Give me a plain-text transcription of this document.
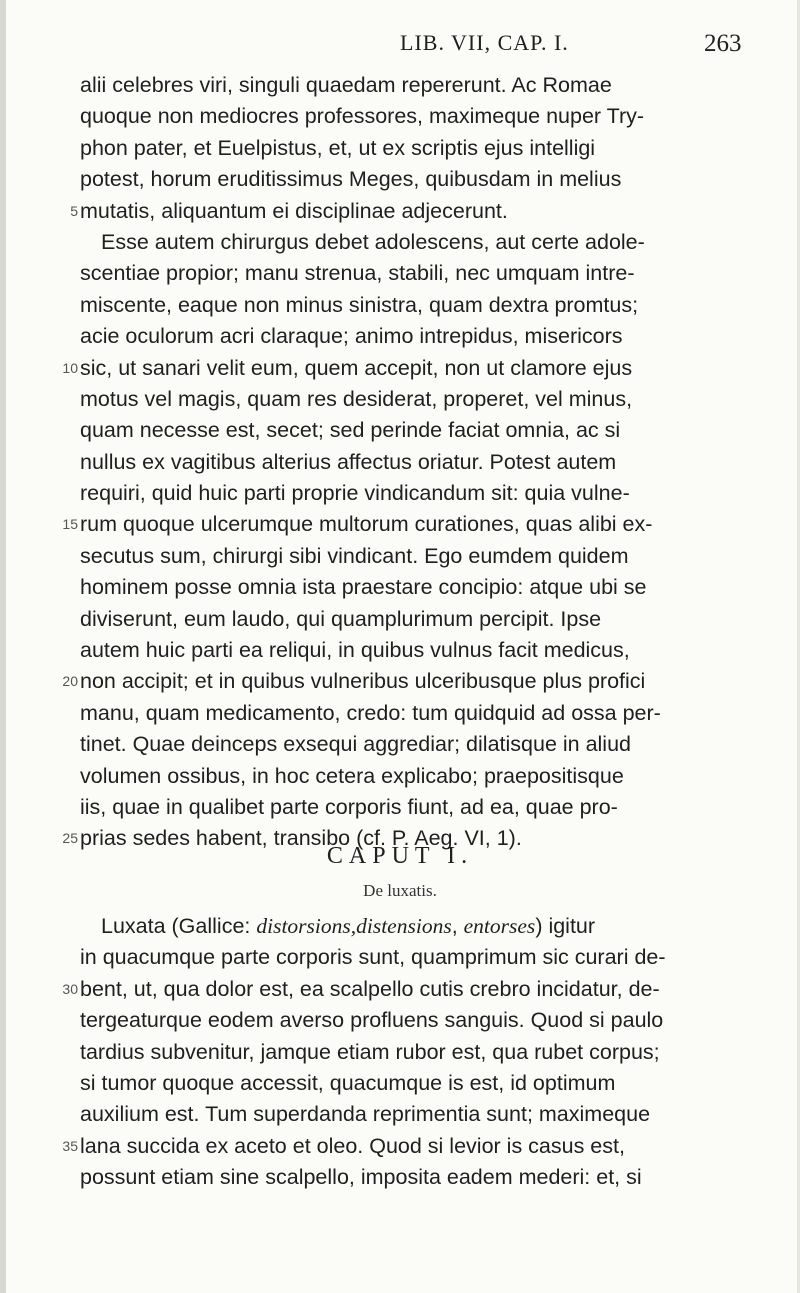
LIB. VII, CAP. I.	263
alii celebres viri, singuli quaedam repererunt. Ac Romae
quoque non mediocres professores, maximeque nuper Try-
phon pater, et Euelpistus, et, ut ex scriptis ejus intelligi
potest, horum eruditissimus Meges, quibusdam in melius
5 mutatis, aliquantum ei disciplinae adjecerunt.
Esse autem chirurgus debet adolescens, aut certe adole-
scentiae propior; manu strenua, stabili, nec umquam intre-
miscente, eaque non minus sinistra, quam dextra promtus;
acie oculorum acri claraque; animo intrepidus, misericors
10 sic, ut sanari velit eum, quem accepit, non ut clamore ejus
motus vel magis, quam res desiderat, properet, vel minus,
quam necesse est, secet; sed perinde faciat omnia, ac si
nullus ex vagitibus alterius affectus oriatur. Potest autem
requiri, quid huic parti proprie vindicandum sit: quia vulne-
15 rum quoque ulcerumque multorum curationes, quas alibi ex-
secutus sum, chirurgi sibi vindicant. Ego eumdem quidem
hominem posse omnia ista praestare concipio: atque ubi se
diviserunt, eum laudo, qui quamplurimum percipit. Ipse
autem huic parti ea reliqui, in quibus vulnus facit medicus,
20 non accipit; et in quibus vulneribus ulceribusque plus profici
manu, quam medicamento, credo: tum quidquid ad ossa per-
tinet. Quae deinceps exsequi aggrediar; dilatisque in aliud
volumen ossibus, in hoc cetera explicabo; praepositisque
iis, quae in qualibet parte corporis fiunt, ad ea, quae pro-
25 prias sedes habent, transibo (cf. P. Aeg. VI, 1).
CAPUT I.
De luxatis.
Luxata (Gallice: distorsions,distensions, entorses) igitur
in quacumque parte corporis sunt, quamprimum sic curari de-
30 bent, ut, qua dolor est, ea scalpello cutis crebro incidatur, de-
tergeaturque eodem averso profluens sanguis. Quod si paulo
tardius subvenitur, jamque etiam rubor est, qua rubet corpus;
si tumor quoque accessit, quacumque is est, id optimum
auxilium est. Tum superdanda reprimentia sunt; maximeque
35 lana succida ex aceto et oleo. Quod si levior is casus est,
possunt etiam sine scalpello, imposita eadem mederi: et, si
